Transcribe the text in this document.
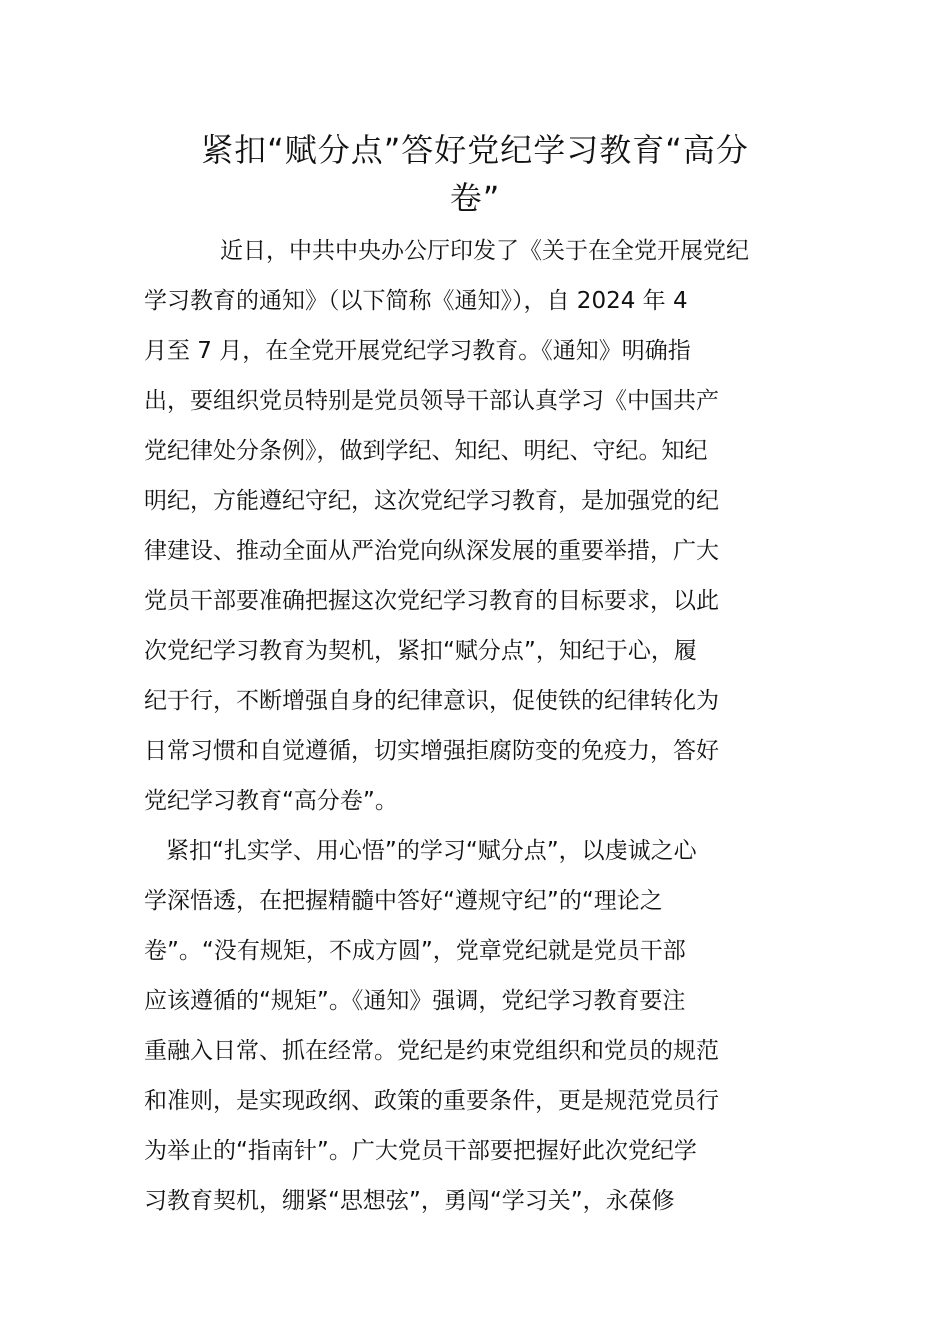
紧扣“赋分点”答好党纪学习教育“高分
卷”

近日，中共中央办公厅印发了《关于在全党开展党纪
学习教育的通知》（以下简称《通知》），自 2024 年 4
月至 7 月，在全党开展党纪学习教育。《通知》明确指
出，要组织党员特别是党员领导干部认真学习《中国共产
党纪律处分条例》，做到学纪、知纪、明纪、守纪。知纪
明纪，方能遵纪守纪，这次党纪学习教育，是加强党的纪
律建设、推动全面从严治党向纵深发展的重要举措，广大
党员干部要准确把握这次党纪学习教育的目标要求，以此
次党纪学习教育为契机，紧扣“赋分点”，知纪于心，履
纪于行，不断增强自身的纪律意识，促使铁的纪律转化为
日常习惯和自觉遵循，切实增强拒腐防变的免疫力，答好
党纪学习教育“高分卷”。

紧扣“扎实学、用心悟”的学习“赋分点”，以虔诚之心
学深悟透，在把握精髓中答好“遵规守纪”的“理论之
卷”。“没有规矩，不成方圆”，党章党纪就是党员干部
应该遵循的“规矩”。《通知》强调，党纪学习教育要注
重融入日常、抓在经常。党纪是约束党组织和党员的规范
和准则，是实现政纲、政策的重要条件，更是规范党员行
为举止的“指南针”。广大党员干部要把握好此次党纪学
习教育契机，绷紧“思想弦”，勇闯“学习关”，永葆修
